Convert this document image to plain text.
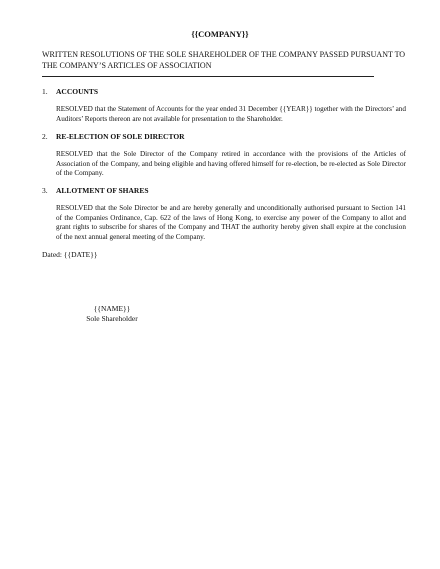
{{COMPANY}}
WRITTEN RESOLUTIONS OF THE SOLE SHAREHOLDER OF THE COMPANY PASSED PURSUANT TO THE COMPANY’S ARTICLES OF ASSOCIATION
1. ACCOUNTS
RESOLVED that the Statement of Accounts for the year ended 31 December {{YEAR}} together with the Directors’ and Auditors’ Reports thereon are not available for presentation to the Shareholder.
2. RE-ELECTION OF SOLE DIRECTOR
RESOLVED that the Sole Director of the Company retired in accordance with the provisions of the Articles of Association of the Company, and being eligible and having offered himself for re-election, be re-elected as Sole Director of the Company.
3. ALLOTMENT OF SHARES
RESOLVED that the Sole Director be and are hereby generally and unconditionally authorised pursuant to Section 141 of the Companies Ordinance, Cap. 622 of the laws of Hong Kong, to exercise any power of the Company to allot and grant rights to subscribe for shares of the Company and THAT the authority hereby given shall expire at the conclusion of the next annual general meeting of the Company.
Dated: {{DATE}}
{{NAME}}
Sole Shareholder
